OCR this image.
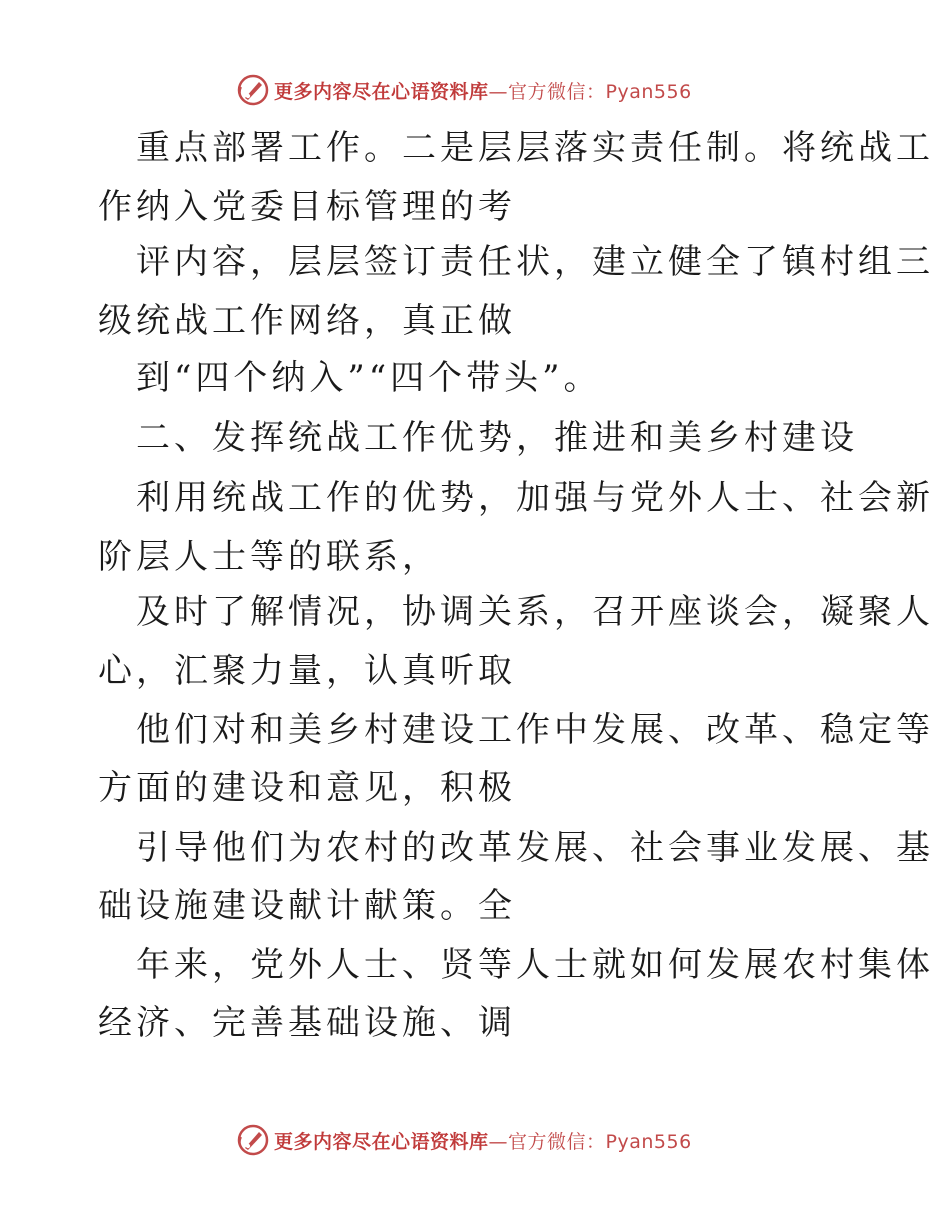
更多内容尽在心语资料库—官方微信：Pyan556
重点部署工作。二是层层落实责任制。将统战工
作纳入党委目标管理的考
评内容，层层签订责任状，建立健全了镇村组三
级统战工作网络，真正做
到“四个纳入”“四个带头”。
二、发挥统战工作优势，推进和美乡村建设
利用统战工作的优势，加强与党外人士、社会新
阶层人士等的联系，
及时了解情况，协调关系，召开座谈会，凝聚人
心，汇聚力量，认真听取
他们对和美乡村建设工作中发展、改革、稳定等
方面的建设和意见，积极
引导他们为农村的改革发展、社会事业发展、基
础设施建设献计献策。全
年来，党外人士、贤等人士就如何发展农村集体
经济、完善基础设施、调
更多内容尽在心语资料库—官方微信：Pyan556
